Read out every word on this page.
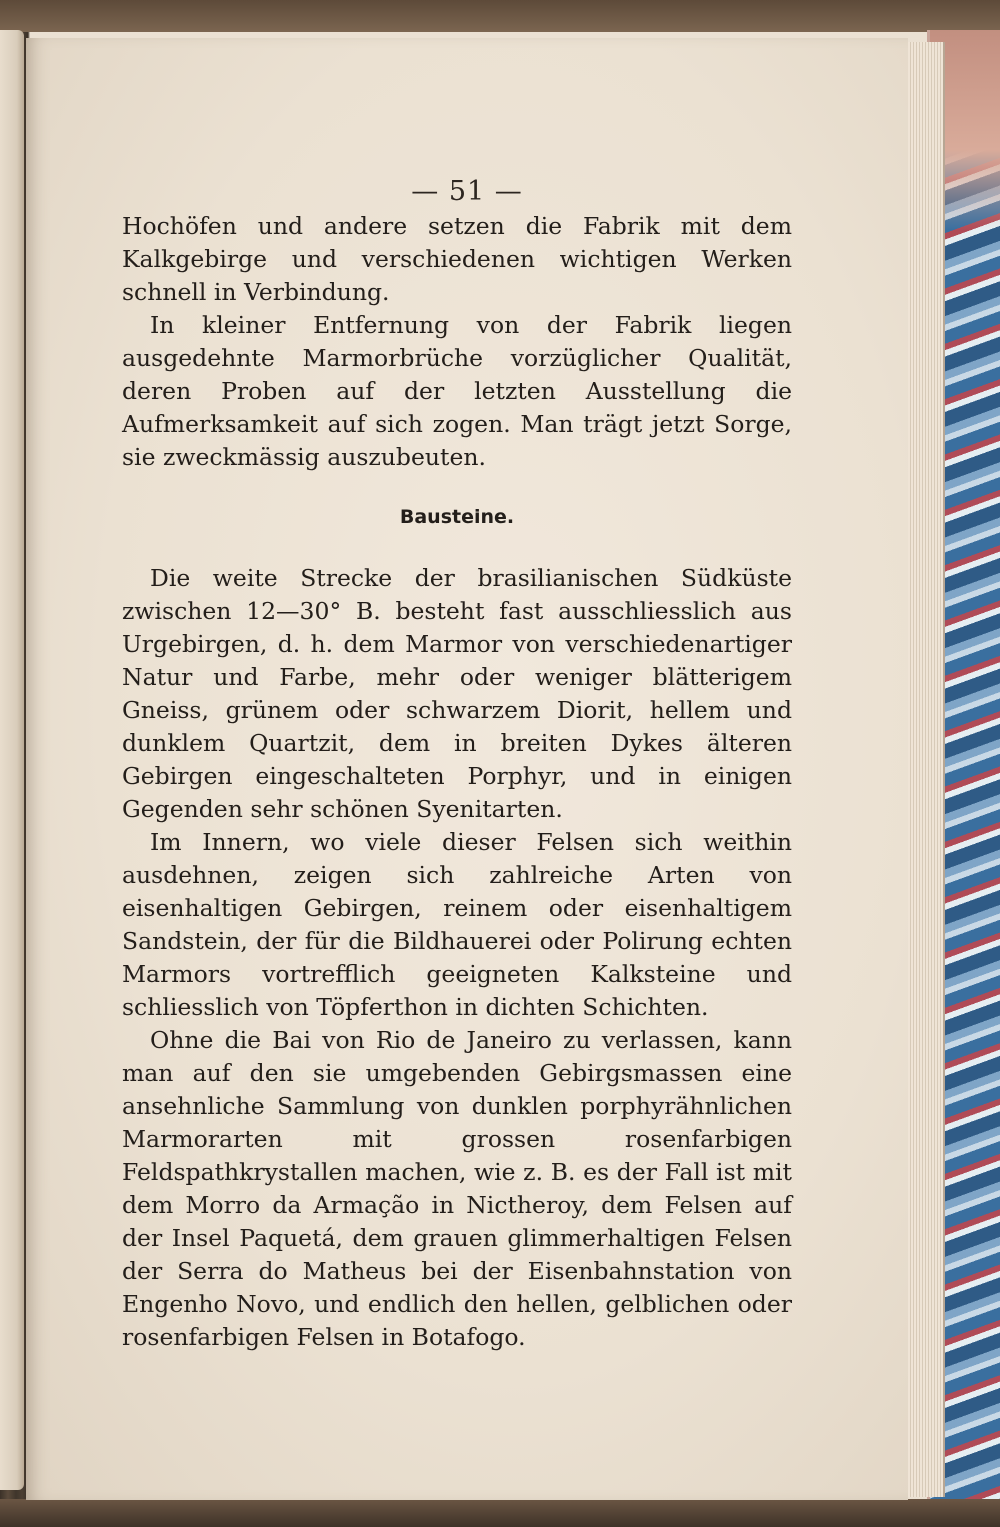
— 51 —

Hochöfen und andere setzen die Fabrik mit dem Kalkgebirge und verschiedenen wichtigen Werken schnell in Verbindung.

In kleiner Entfernung von der Fabrik liegen ausgedehnte Marmorbrüche vorzüglicher Qualität, deren Proben auf der letzten Ausstellung die Aufmerksamkeit auf sich zogen. Man trägt jetzt Sorge, sie zweckmässig auszubeuten.

Bausteine.

Die weite Strecke der brasilianischen Südküste zwischen 12—30° B. besteht fast ausschliesslich aus Urgebirgen, d. h. dem Marmor von verschiedenartiger Natur und Farbe, mehr oder weniger blätterigem Gneiss, grünem oder schwarzem Diorit, hellem und dunklem Quartzit, dem in breiten Dykes älteren Gebirgen eingeschalteten Porphyr, und in einigen Gegenden sehr schönen Syenitarten.

Im Innern, wo viele dieser Felsen sich weithin ausdehnen, zeigen sich zahlreiche Arten von eisenhaltigen Gebirgen, reinem oder eisenhaltigem Sandstein, der für die Bildhauerei oder Polirung echten Marmors vortrefflich geeigneten Kalksteine und schliesslich von Töpferthon in dichten Schichten.

Ohne die Bai von Rio de Janeiro zu verlassen, kann man auf den sie umgebenden Gebirgsmassen eine ansehnliche Sammlung von dunklen porphyrähnlichen Marmorarten mit grossen rosenfarbigen Feldspathkrystallen machen, wie z. B. es der Fall ist mit dem Morro da Armação in Nictheroy, dem Felsen auf der Insel Paquetá, dem grauen glimmerhaltigen Felsen der Serra do Matheus bei der Eisenbahnstation von Engenho Novo, und endlich den hellen, gelblichen oder rosenfarbigen Felsen in Botafogo.
